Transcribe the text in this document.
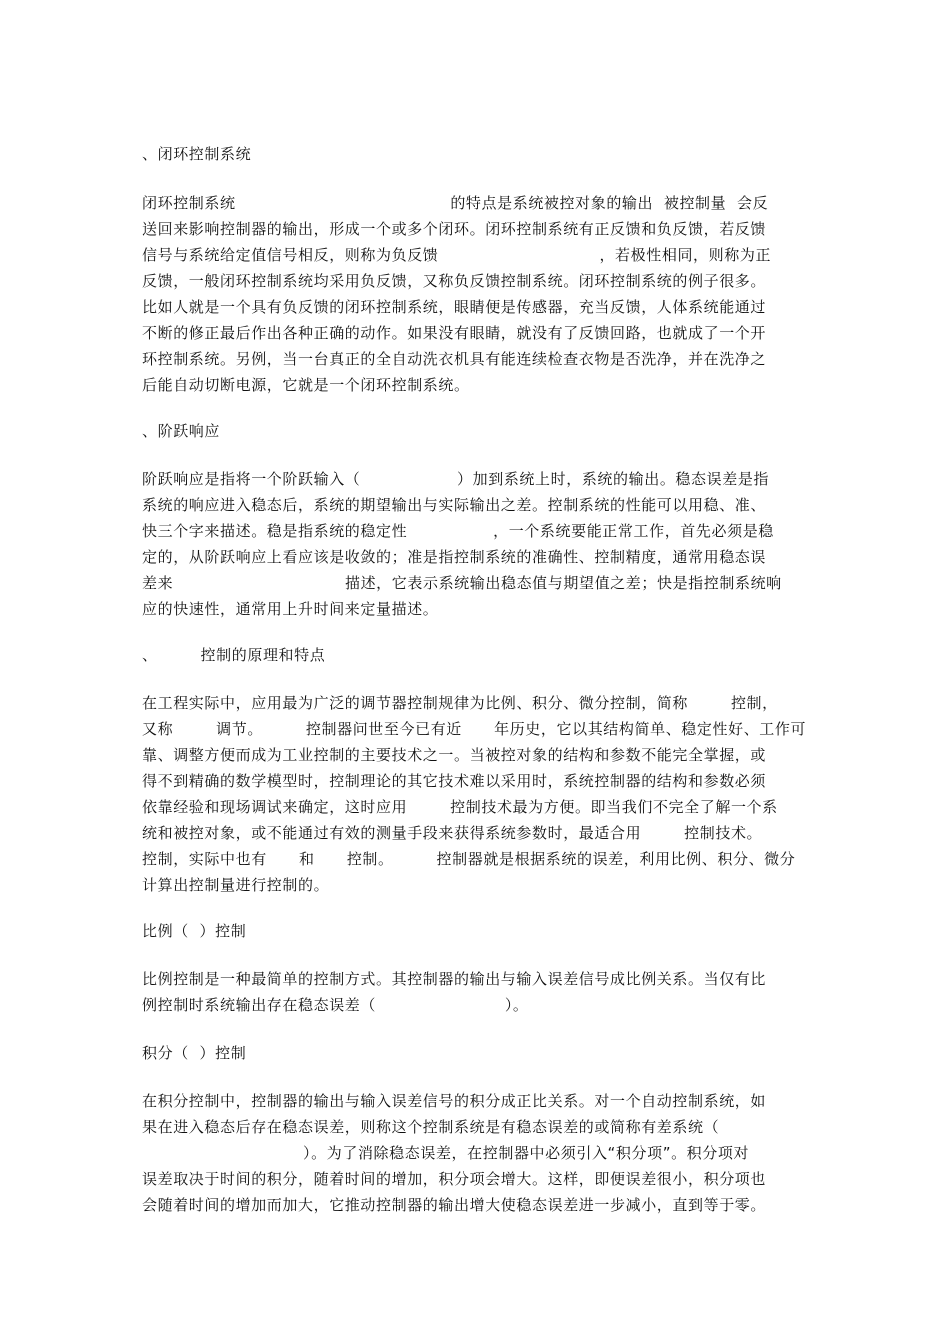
、闭环控制系统
闭环控制系统                                        的特点是系统被控对象的输出  被控制量  会反
送回来影响控制器的输出，形成一个或多个闭环。闭环控制系统有正反馈和负反馈，若反馈
信号与系统给定值信号相反，则称为负反馈                              ，若极性相同，则称为正
反馈，一般闭环控制系统均采用负反馈，又称负反馈控制系统。闭环控制系统的例子很多。
比如人就是一个具有负反馈的闭环控制系统，眼睛便是传感器，充当反馈，人体系统能通过
不断的修正最后作出各种正确的动作。如果没有眼睛，就没有了反馈回路，也就成了一个开
环控制系统。另例，当一台真正的全自动洗衣机具有能连续检查衣物是否洗净，并在洗净之
后能自动切断电源，它就是一个闭环控制系统。
、阶跃响应
阶跃响应是指将一个阶跃输入（                  ）加到系统上时，系统的输出。稳态误差是指
系统的响应进入稳态后，系统的期望输出与实际输出之差。控制系统的性能可以用稳、准、
快三个字来描述。稳是指系统的稳定性                ，一个系统要能正常工作，首先必须是稳
定的，从阶跃响应上看应该是收敛的；准是指控制系统的准确性、控制精度，通常用稳态误
差来                                描述，它表示系统输出稳态值与期望值之差；快是指控制系统响
应的快速性，通常用上升时间来定量描述。
、        控制的原理和特点
在工程实际中，应用最为广泛的调节器控制规律为比例、积分、微分控制，简称        控制，
又称        调节。        控制器问世至今已有近      年历史，它以其结构简单、稳定性好、工作可
靠、调整方便而成为工业控制的主要技术之一。当被控对象的结构和参数不能完全掌握，或
得不到精确的数学模型时，控制理论的其它技术难以采用时，系统控制器的结构和参数必须
依靠经验和现场调试来确定，这时应用        控制技术最为方便。即当我们不完全了解一个系
统和被控对象，或不能通过有效的测量手段来获得系统参数时，最适合用        控制技术。
控制，实际中也有      和      控制。        控制器就是根据系统的误差，利用比例、积分、微分
计算出控制量进行控制的。
比例（  ）控制
比例控制是一种最简单的控制方式。其控制器的输出与输入误差信号成比例关系。当仅有比
例控制时系统输出存在稳态误差（                        ）。
积分（  ）控制
在积分控制中，控制器的输出与输入误差信号的积分成正比关系。对一个自动控制系统，如
果在进入稳态后存在稳态误差，则称这个控制系统是有稳态误差的或简称有差系统（
）。为了消除稳态误差，在控制器中必须引入“积分项”。积分项对
误差取决于时间的积分，随着时间的增加，积分项会增大。这样，即便误差很小，积分项也
会随着时间的增加而加大，它推动控制器的输出增大使稳态误差进一步减小，直到等于零。
